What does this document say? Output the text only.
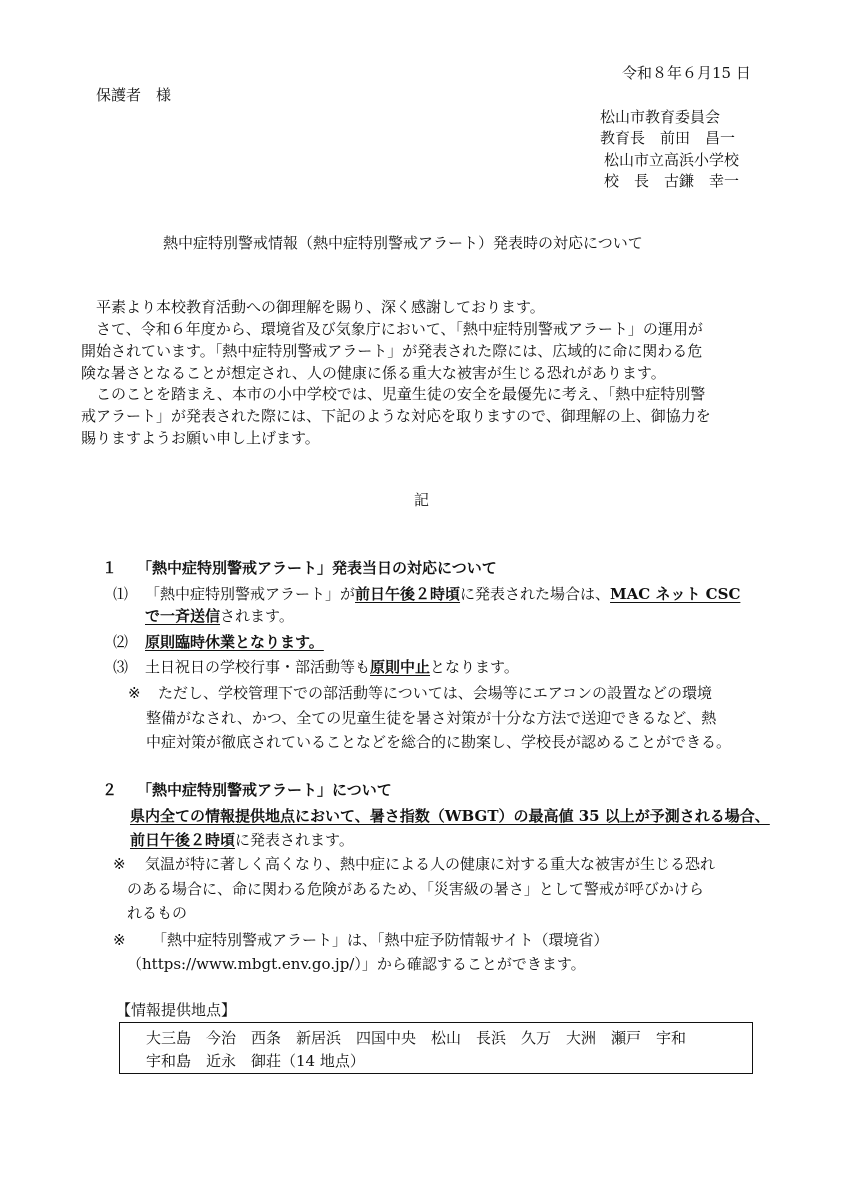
令和８年６月15 日
保護者　様
松山市教育委員会
教育長　前田　昌一
松山市立高浜小学校
校　長　古鎌　幸一
熱中症特別警戒情報（熱中症特別警戒アラート）発表時の対応について
平素より本校教育活動への御理解を賜り、深く感謝しております。
さて、令和６年度から、環境省及び気象庁において、「熱中症特別警戒アラート」の運用が
開始されています。「熱中症特別警戒アラート」が発表された際には、広域的に命に関わる危
険な暑さとなることが想定され、人の健康に係る重大な被害が生じる恐れがあります。
このことを踏まえ、本市の小中学校では、児童生徒の安全を最優先に考え、「熱中症特別警
戒アラート」が発表された際には、下記のような対応を取りますので、御理解の上、御協力を
賜りますようお願い申し上げます。
記
１ 「熱中症特別警戒アラート」発表当日の対応について
⑴ 「熱中症特別警戒アラート」が前日午後２時頃に発表された場合は、MAC ネット CSC
で一斉送信されます。
⑵ 原則臨時休業となります。
⑶ 土日祝日の学校行事・部活動等も原則中止となります。
※ ただし、学校管理下での部活動等については、会場等にエアコンの設置などの環境
整備がなされ、かつ、全ての児童生徒を暑さ対策が十分な方法で送迎できるなど、熱
中症対策が徹底されていることなどを総合的に勘案し、学校長が認めることができる。
２ 「熱中症特別警戒アラート」について
県内全ての情報提供地点において、暑さ指数（WBGT）の最高値 35 以上が予測される場合、
前日午後２時頃に発表されます。
※ 気温が特に著しく高くなり、熱中症による人の健康に対する重大な被害が生じる恐れ
のある場合に、命に関わる危険があるため、「災害級の暑さ」として警戒が呼びかけら
れるもの
※ 「熱中症特別警戒アラート」は、「熱中症予防情報サイト（環境省）
（https://www.mbgt.env.go.jp/）」から確認することができます。
【情報提供地点】
大三島　今治　西条　新居浜　四国中央　松山　長浜　久万　大洲　瀬戸　宇和
宇和島　近永　御荘（14 地点）
